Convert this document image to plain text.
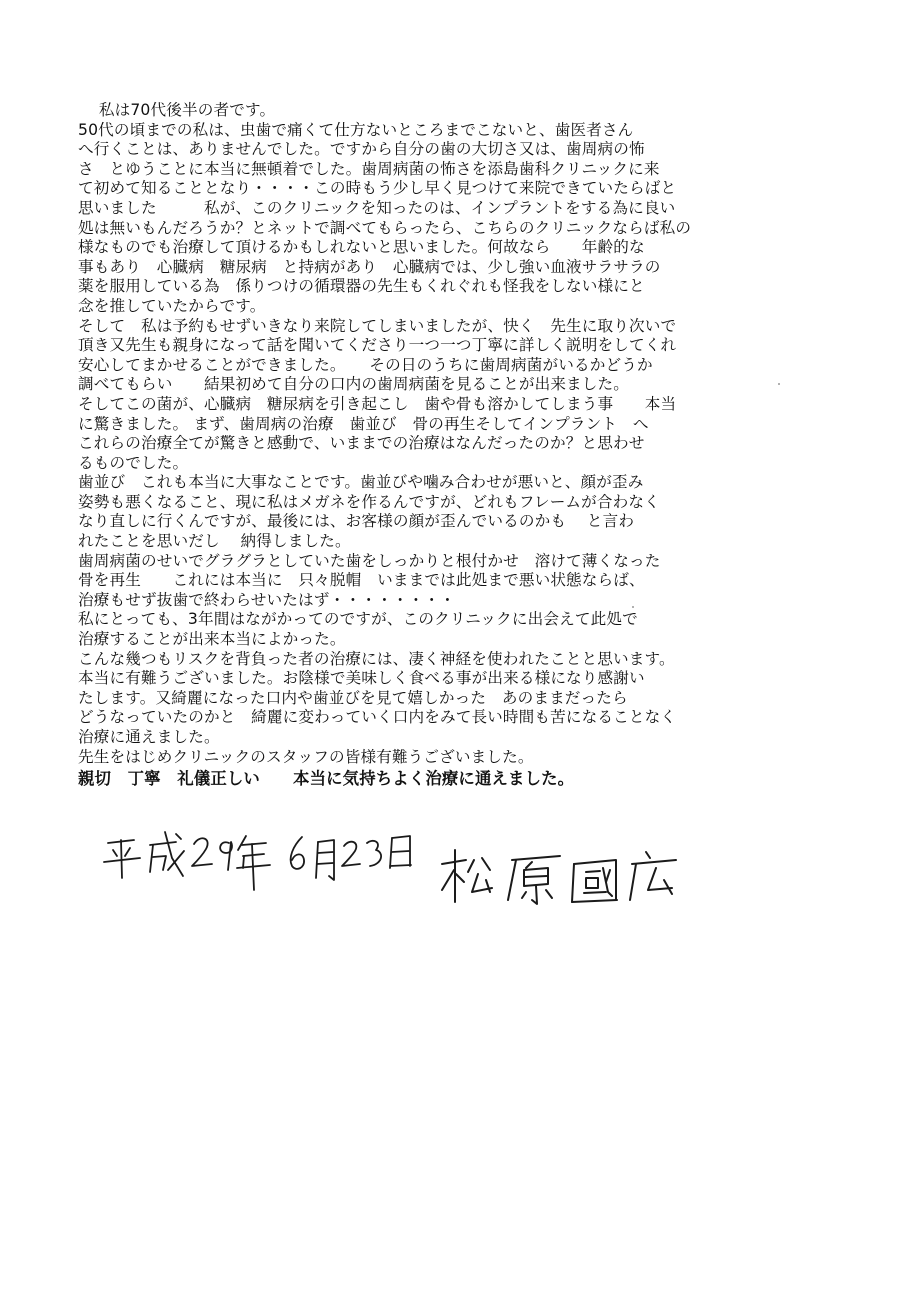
　 私は70代後半の者です。
50代の頃までの私は、虫歯で痛くて仕方ないところまでこないと、歯医者さん
へ行くことは、ありませんでした。ですから自分の歯の大切さ又は、歯周病の怖
さ　とゆうことに本当に無頓着でした。歯周病菌の怖さを添島歯科クリニックに来
て初めて知ることとなり・・・・この時もう少し早く見つけて来院できていたらばと
思いました　　　私が、このクリニックを知ったのは、インプラントをする為に良い
処は無いもんだろうか？とネットで調べてもらったら、こちらのクリニックならば私の
様なものでも治療して頂けるかもしれないと思いました。何故なら　　年齢的な
事もあり　心臓病　糖尿病　と持病があり　心臓病では、少し強い血液サラサラの
薬を服用している為　係りつけの循環器の先生もくれぐれも怪我をしない様にと
念を推していたからです。
そして　私は予約もせずいきなり来院してしまいましたが、快く　先生に取り次いで
頂き又先生も親身になって話を聞いてくださり一つ一つ丁寧に詳しく説明をしてくれ
安心してまかせることができました。　　その日のうちに歯周病菌がいるかどうか
調べてもらい　　結果初めて自分の口内の歯周病菌を見ることが出来ました。
そしてこの菌が、心臓病　糖尿病を引き起こし　歯や骨も溶かしてしまう事　　本当
に驚きました。 まず、歯周病の治療　歯並び　骨の再生そしてインプラント　へ
これらの治療全てが驚きと感動で、いままでの治療はなんだったのか？と思わせ
るものでした。
歯並び　これも本当に大事なことです。歯並びや噛み合わせが悪いと、顔が歪み
姿勢も悪くなること、現に私はメガネを作るんですが、どれもフレームが合わなく
なり直しに行くんですが、最後には、お客様の顔が歪んでいるのかも　 と言わ
れたことを思いだし　 納得しました。
歯周病菌のせいでグラグラとしていた歯をしっかりと根付かせ　溶けて薄くなった
骨を再生　　これには本当に　只々脱帽　いままでは此処まで悪い状態ならば、
治療もせず抜歯で終わらせいたはず・・・・・・・・
私にとっても、3年間はながかってのですが、このクリニックに出会えて此処で
治療することが出来本当によかった。
こんな幾つもリスクを背負った者の治療には、凄く神経を使われたことと思います。
本当に有難うございました。お陰様で美味しく食べる事が出来る様になり感謝い
たします。又綺麗になった口内や歯並びを見て嬉しかった　あのままだったら
どうなっていたのかと　綺麗に変わっていく口内をみて長い時間も苦になることなく
治療に通えました。
先生をはじめクリニックのスタッフの皆様有難うございました。
親切　丁寧　礼儀正しい　　本当に気持ちよく治療に通えました。
